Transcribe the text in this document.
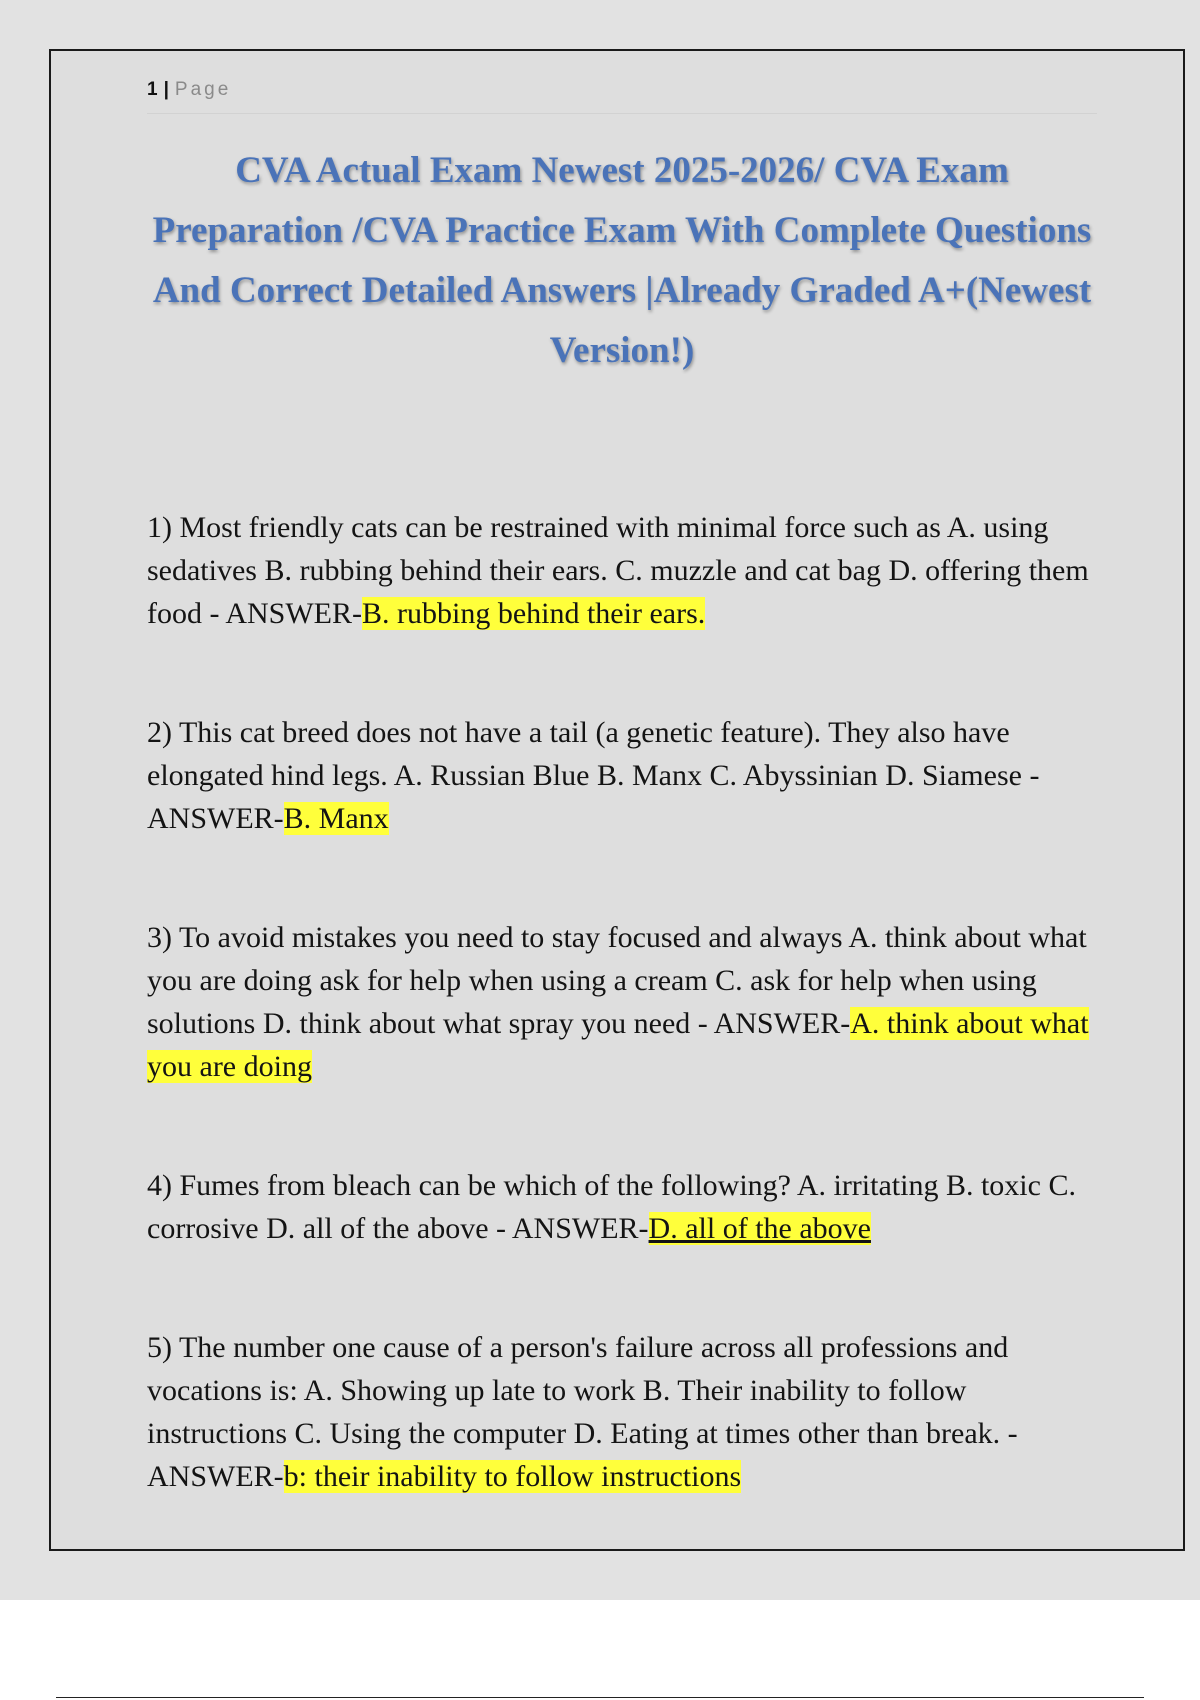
1 | Page
CVA Actual Exam Newest 2025-2026/ CVA Exam Preparation /CVA Practice Exam With Complete Questions And Correct Detailed Answers |Already Graded A+(Newest Version!)
1) Most friendly cats can be restrained with minimal force such as A. using sedatives B. rubbing behind their ears. C. muzzle and cat bag D. offering them food - ANSWER-B. rubbing behind their ears.
2) This cat breed does not have a tail (a genetic feature). They also have elongated hind legs. A. Russian Blue B. Manx C. Abyssinian D. Siamese - ANSWER-B. Manx
3) To avoid mistakes you need to stay focused and always A. think about what you are doing ask for help when using a cream C. ask for help when using solutions D. think about what spray you need - ANSWER-A. think about what you are doing
4) Fumes from bleach can be which of the following? A. irritating B. toxic C. corrosive D. all of the above - ANSWER-D. all of the above
5) The number one cause of a person's failure across all professions and vocations is: A. Showing up late to work B. Their inability to follow instructions C. Using the computer D. Eating at times other than break. - ANSWER-b: their inability to follow instructions
